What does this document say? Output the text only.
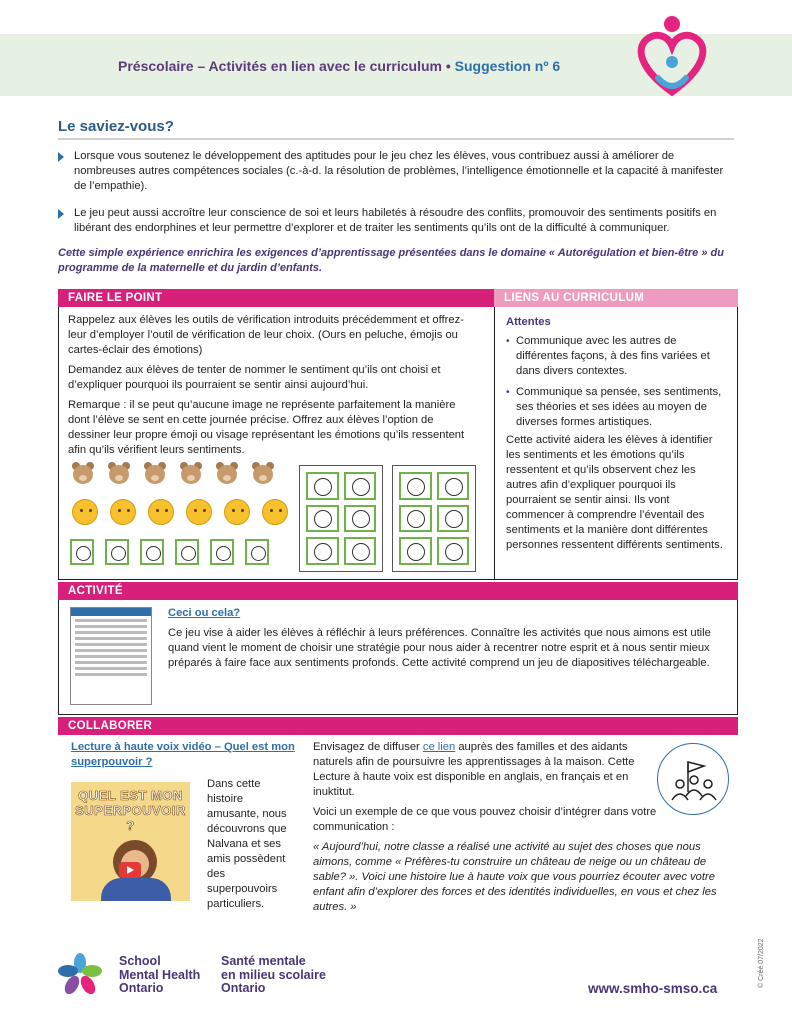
Préscolaire – Activités en lien avec le curriculum • Suggestion nº 6
Le saviez-vous?
Lorsque vous soutenez le développement des aptitudes pour le jeu chez les élèves, vous contribuez aussi à améliorer de nombreuses autres compétences sociales (c.-à-d. la résolution de problèmes, l’intelligence émotionnelle et la capacité à manifester de l’empathie).
Le jeu peut aussi accroître leur conscience de soi et leurs habiletés à résoudre des conflits, promouvoir des sentiments positifs en libérant des endorphines et leur permettre d’explorer et de traiter les sentiments qu’ils ont de la difficulté à communiquer.
Cette simple expérience enrichira les exigences d’apprentissage présentées dans le domaine « Autorégulation et bien-être » du programme de la maternelle et du jardin d’enfants.
FAIRE LE POINT	LIENS AU CURRICULUM
Rappelez aux élèves les outils de vérification introduits précédemment et offrez-leur d’employer l’outil de vérification de leur choix. (Ours en peluche, émojis ou cartes-éclair des émotions)
Demandez aux élèves de tenter de nommer le sentiment qu’ils ont choisi et d’expliquer pourquoi ils pourraient se sentir ainsi aujourd’hui.
Remarque : il se peut qu’aucune image ne représente parfaitement la manière dont l’élève se sent en cette journée précise. Offrez aux élèves l’option de dessiner leur propre émoji ou visage représentant les émotions qu’ils ressentent afin qu’ils vérifient leurs sentiments.
Attentes
• Communique avec les autres de différentes façons, à des fins variées et dans divers contextes.
• Communique sa pensée, ses sentiments, ses théories et ses idées au moyen de diverses formes artistiques.
Cette activité aidera les élèves à identifier les sentiments et les émotions qu’ils ressentent et qu’ils observent chez les autres afin d’expliquer pourquoi ils pourraient se sentir ainsi. Ils vont commencer à comprendre l’éventail des sentiments et la manière dont différentes personnes ressentent différents sentiments.
ACTIVITÉ
Ceci ou cela?
Ce jeu vise à aider les élèves à réfléchir à leurs préférences. Connaître les activités que nous aimons est utile quand vient le moment de choisir une stratégie pour nous aider à recentrer notre esprit et à nous sentir mieux préparés à faire face aux sentiments profonds. Cette activité comprend un jeu de diapositives téléchargeable.
COLLABORER
Lecture à haute voix vidéo – Quel est mon superpouvoir ?
QUEL EST MON SUPERPOUVOIR ?
Dans cette histoire amusante, nous découvrons que Nalvana et ses amis possèdent des superpouvoirs particuliers.
Envisagez de diffuser ce lien auprès des familles et des aidants naturels afin de poursuivre les apprentissages à la maison. Cette Lecture à haute voix est disponible en anglais, en français et en inuktitut.
Voici un exemple de ce que vous pouvez choisir d’intégrer dans votre communication :
« Aujourd’hui, notre classe a réalisé une activité au sujet des choses que nous aimons, comme « Préfères-tu construire un château de neige ou un château de sable? ». Voici une histoire lue à haute voix que vous pourriez écouter avec votre enfant afin d’explorer des forces et des identités individuelles, en vous et chez les autres. »
School
Mental Health
Ontario
Santé mentale
en milieu scolaire
Ontario	www.smho-smso.ca
© Créé 07/2022
